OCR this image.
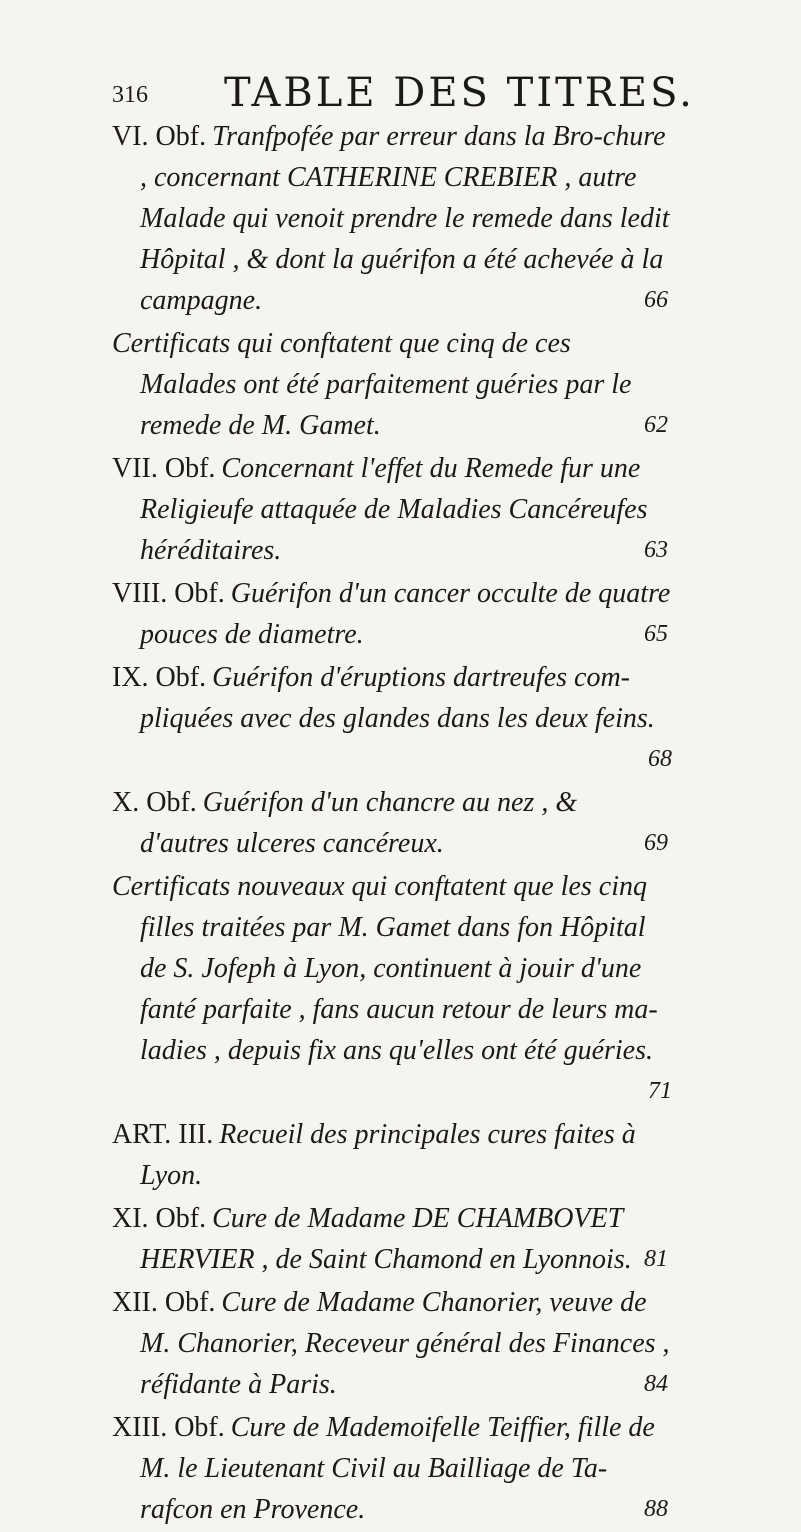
316 TABLE DES TITRES.
VI. Obf. Tranfpofée par erreur dans la Bro-chure , concernant CATHERINE CREBIER , autre Malade qui venoit prendre le remede dans ledit Hôpital , & dont la guérifon a été achevée à la campagne.	66
Certificats qui conftatent que cinq de ces Malades ont été parfaitement guéries par le remede de M. Gamet.	62
VII. Obf. Concernant l'effet du Remede fur une Religieufe attaquée de Maladies Cancéreufes héréditaires.	63
VIII. Obf. Guérifon d'un cancer occulte de quatre pouces de diametre.	65
IX. Obf. Guérifon d'éruptions dartreufes com-pliquées avec des glandes dans les deux feins.
68
X. Obf. Guérifon d'un chancre au nez , & d'autres ulceres cancéreux.	69
Certificats nouveaux qui conftatent que les cinq filles traitées par M. Gamet dans fon Hôpital de S. Jofeph à Lyon, continuent à jouir d'une fanté parfaite , fans aucun retour de leurs ma-ladies , depuis fix ans qu'elles ont été guéries.
71
ART. III. Recueil des principales cures faites à Lyon.
XI. Obf. Cure de Madame DE CHAMBOVET HERVIER , de Saint Chamond en Lyonnois. 81
XII. Obf. Cure de Madame Chanorier, veuve de M. Chanorier, Receveur général des Finances , réfidante à Paris.	84
XIII. Obf. Cure de Mademoifelle Teiffier, fille de M. le Lieutenant Civil au Bailliage de Ta-rafcon en Provence.	88
